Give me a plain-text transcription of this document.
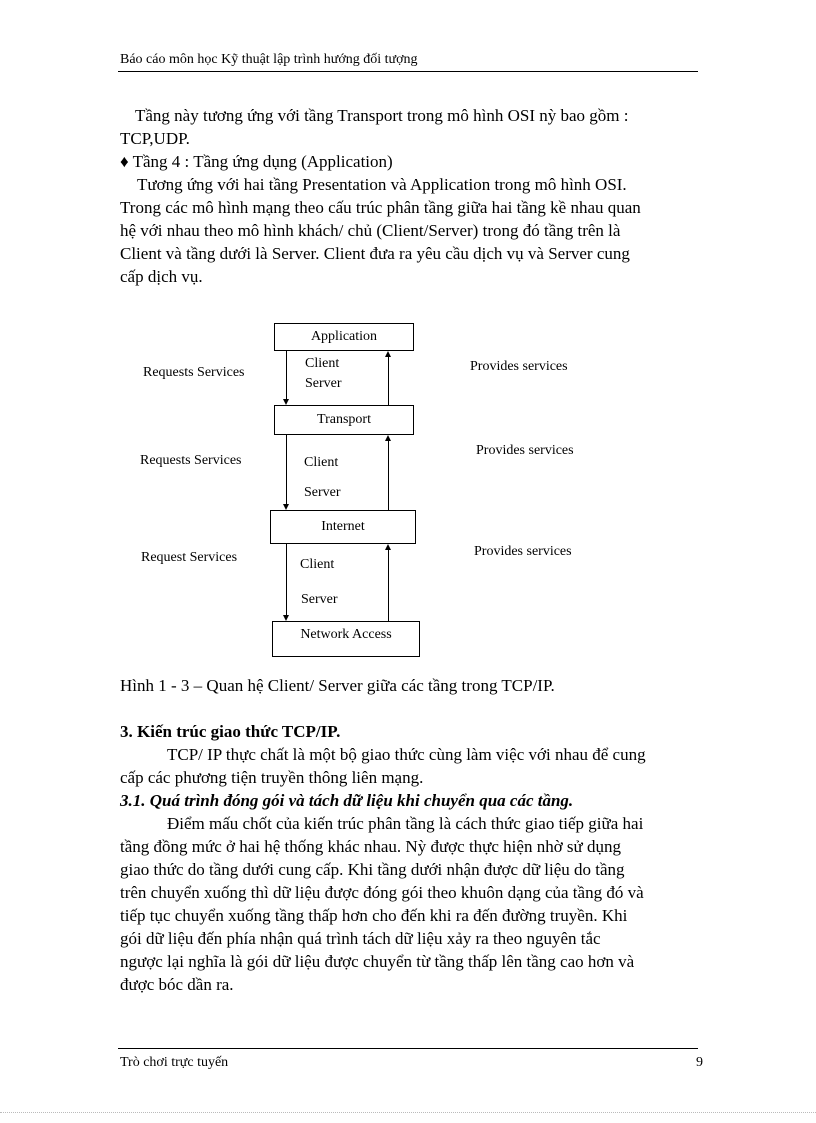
Báo cáo môn học Kỹ thuật lập trình hướng đối tượng
Tầng này tương ứng với tầng Transport trong mô hình OSI nỳ bao gồm :
TCP,UDP.
♦ Tầng 4 : Tầng ứng dụng (Application)
Tương ứng với hai tầng Presentation và Application trong mô hình OSI.
Trong các mô hình mạng theo cấu trúc phân tầng giữa hai tầng kề nhau quan
hệ với nhau theo mô hình khách/ chủ (Client/Server) trong đó tầng trên là
Client và tầng dưới là Server. Client đưa ra yêu cầu dịch vụ và Server cung
cấp dịch vụ.
Application
Transport
Internet
Network Access
Client
Server
Client
Server
Client
Server
Requests Services
Requests Services
Request Services
Provides services
Provides services
Provides services
Hình 1 - 3 – Quan hệ Client/ Server giữa các tầng trong TCP/IP.
3. Kiến trúc giao thức TCP/IP.
TCP/ IP thực chất là một bộ giao thức cùng làm việc với nhau để cung
cấp các phương tiện truyền thông liên mạng.
3.1. Quá trình đóng gói và tách dữ liệu khi chuyển qua các tầng.
Điểm mấu chốt của kiến trúc phân tầng là cách thức giao tiếp giữa hai
tầng đồng mức ở hai hệ thống khác nhau. Nỳ được thực hiện nhờ sử dụng
giao thức do tầng dưới cung cấp. Khi tầng dưới nhận được dữ liệu do tầng
trên chuyển xuống thì dữ liệu được đóng gói theo khuôn dạng của tầng đó và
tiếp tục chuyển xuống tầng thấp hơn cho đến khi ra đến đường truyền. Khi
gói dữ liệu đến phía nhận quá trình tách dữ liệu xảy ra theo nguyên tắc
ngược lại nghĩa là gói dữ liệu được chuyển từ tầng thấp lên tầng cao hơn và
được bóc dần ra.
Trò chơi trực tuyến	9
